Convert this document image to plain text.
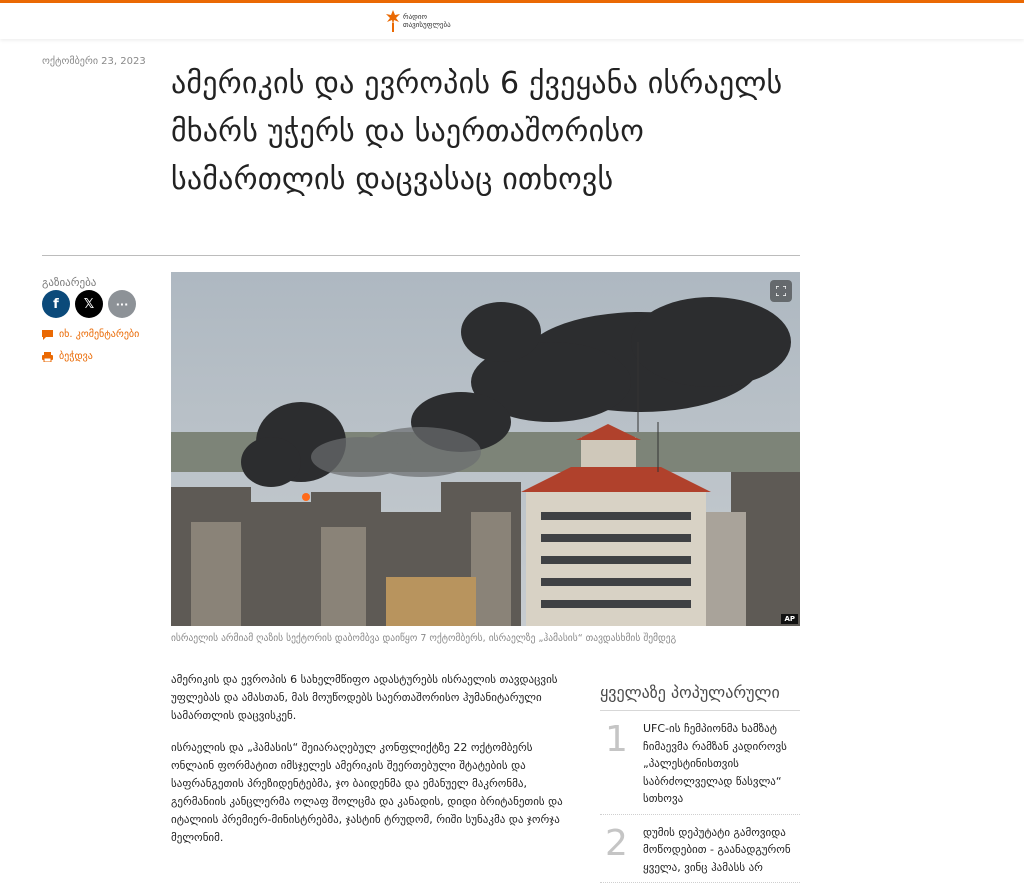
რადიო თავისუფლება
ოქტომბერი 23, 2023
ამერიკის და ევროპის 6 ქვეყანა ისრაელს მხარს უჭერს და საერთაშორისო სამართლის დაცვასაც ითხოვს
გაზიარება
f 𝕏 ···
იხ. კომენტარები
ბეჭდვა
AP
ისრაელის არმიამ ღაზის სექტორის დაბომბვა დაიწყო 7 ოქტომბერს, ისრაელზე „ჰამასის“ თავდასხმის შემდეგ

ამერიკის და ევროპის 6 სახელმწიფო ადასტურებს ისრაელის თავდაცვის უფლებას და ამასთან, მას მოუწოდებს საერთაშორისო ჰუმანიტარული სამართლის დაცვისკენ.

ისრაელის და „ჰამასის“ შეიარაღებულ კონფლიქტზე 22 ოქტომბერს ონლაინ ფორმატით იმსჯელეს ამერიკის შეერთებული შტატების და საფრანგეთის პრეზიდენტებმა, ჯო ბაიდენმა და ემანუელ მაკრონმა, გერმანიის კანცლერმა ოლაფ შოლცმა და კანადის, დიდი ბრიტანეთის და იტალიის პრემიერ-მინისტრებმა, ჯასტინ ტრუდომ, რიში სუნაკმა და ჯორჯა მელონიმ.

ყველაზე პოპულარული
1	UFC-ის ჩემპიონმა ხამზატ ჩიმაევმა რამზან კადიროვს „პალესტინისთვის საბრძოლველად წასვლა“ სთხოვა
2	დუმის დეპუტატი გამოვიდა მოწოდებით - გაანადგურონ ყველა, ვინც ჰამასს არ
